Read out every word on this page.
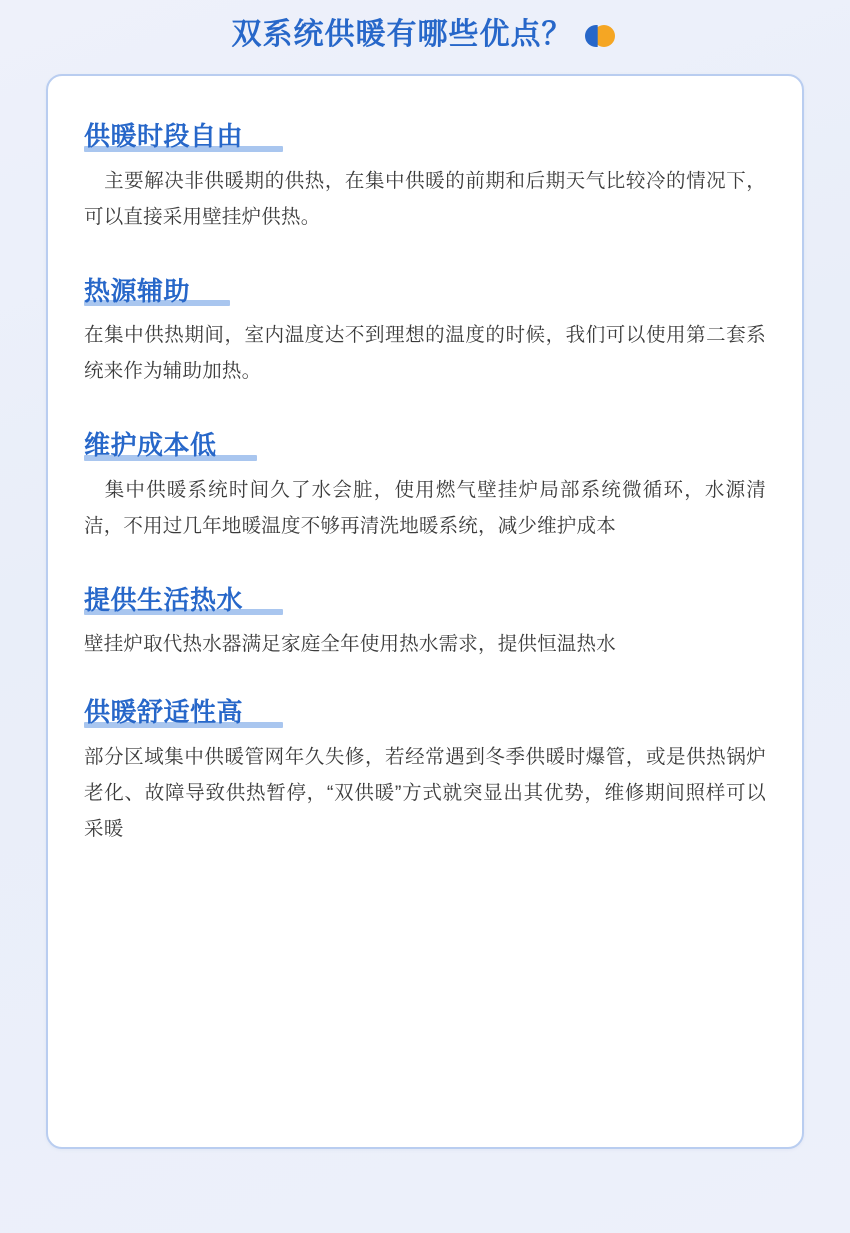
双系统供暖有哪些优点？
供暖时段自由
　主要解决非供暖期的供热，在集中供暖的前期和后期天气比较冷的情况下，可以直接采用壁挂炉供热。
热源辅助
在集中供热期间，室内温度达不到理想的温度的时候，我们可以使用第二套系统来作为辅助加热。
维护成本低
　集中供暖系统时间久了水会脏，使用燃气壁挂炉局部系统微循环，水源清洁，不用过几年地暖温度不够再清洗地暖系统，减少维护成本
提供生活热水
壁挂炉取代热水器满足家庭全年使用热水需求，提供恒温热水
供暖舒适性高
部分区域集中供暖管网年久失修，若经常遇到冬季供暖时爆管，或是供热锅炉老化、故障导致供热暂停，“双供暖”方式就突显出其优势，维修期间照样可以采暖
